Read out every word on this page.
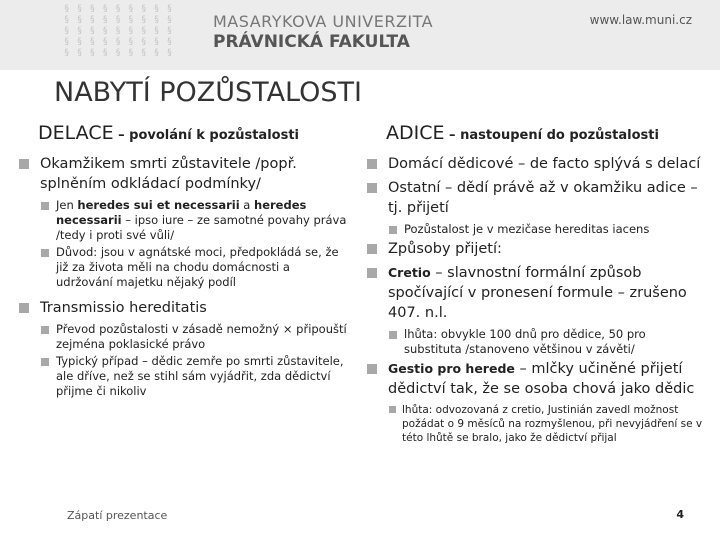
§ § § § § § § § §
§ § § § § § § § §
§ § § § § § § § §
§ § § § § § § § §
§ § § § § § § § §
MASARYKOVA UNIVERZITA
PRÁVNICKÁ FAKULTA
www.law.muni.cz
NABYTÍ POZŮSTALOSTI
DELACE – povolání k pozůstalosti
Okamžikem smrti zůstavitele /popř. splněním odkládací podmínky/
Jen heredes sui et necessarii a heredes necessarii – ipso iure – ze samotné povahy práva /tedy i proti své vůli/
Důvod: jsou v agnátské moci, předpokládá se, že již za života měli na chodu domácnosti a udržování majetku nějaký podíl
Transmissio hereditatis
Převod pozůstalosti v zásadě nemožný × připouští zejména poklasické právo
Typický případ – dědic zemře po smrti zůstavitele, ale dříve, než se stihl sám vyjádřit, zda dědictví přijme či nikoliv
ADICE – nastoupení do pozůstalosti
Domácí dědicové – de facto splývá s delací
Ostatní – dědí právě až v okamžiku adice – tj. přijetí
Pozůstalost je v mezičase hereditas iacens
Způsoby přijetí:
Cretio – slavnostní formální způsob spočívající v pronesení formule – zrušeno 407. n.l.
lhůta: obvykle 100 dnů pro dědice, 50 pro substituta /stanoveno většinou v závěti/
Gestio pro herede – mlčky učiněné přijetí dědictví tak, že se osoba chová jako dědic
lhůta: odvozovaná z cretio, Justinián zavedl možnost požádat o 9 měsíců na rozmyšlenou, při nevyjádření se v této lhůtě se bralo, jako že dědictví přijal
Zápatí prezentace	4
